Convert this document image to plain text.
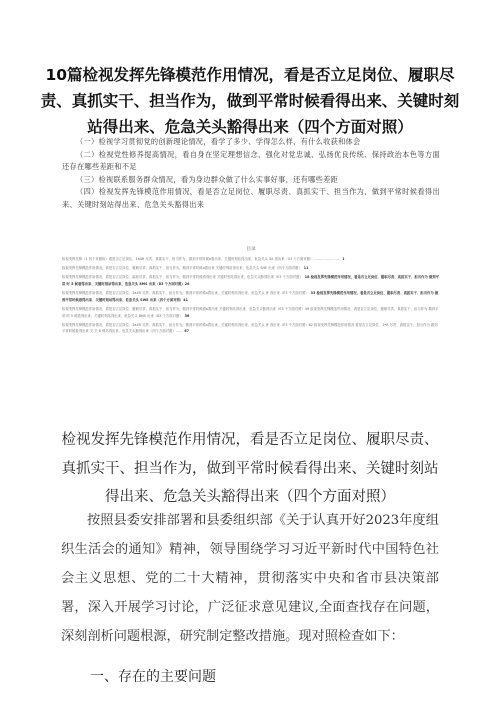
10篇检视发挥先锋模范作用情况，看是否立足岗位、履职尽责、真抓实干、担当作为，做到平常时候看得出来、关键时刻站得出来、危急关头豁得出来（四个方面对照）

（一）检视学习贯彻党的创新理论情况，看学了多少、学得怎么样，有什么收获和体会

（二）检视党性修养提高情况，看自身在坚定理想信念、强化对党忠诚、弘扬优良传统、保持政治本色等方面还存在哪些差距和不足

（三）检视联系服务群众情况，看为身边群众做了什么实事好事，还有哪些差距

（四）检视发挥先锋模范作用情况，看是否立足岗位、履职尽责、真抓实干、担当作为，做到平常时候看得出来、关键时刻站得出来、危急关头豁得出来

目录

检视发挥先锋（1 四个对照检）看是否立足岗位、1a4R 尽责、真抓实干、担当作为，做到平常时候a看出来、关键时刻站得出来、危急关头 5A 得出来（53 个方面对照）…………………… 1

检视发挥先锋模范作用情况，看是否立足岗位、履职尽责、真抓实干、担当作为，做到平常时候a看出来 关键时刻站得出来、危急关头 SHE 出来（四个方面对照） 11

检视发挥先锋模范作用情况，看是否立足岗位、踏取尽责、真抓实干、担当作为，做到平常时候看得出来 关键时刻站得出来、危急关头豁得出来（E3 个方面对照） 18 检视发挥先锋模范作用情况，看是否立足岗位、履职尽责、真抓实干、担当作为 做到平常 时 5 候看得出来、关键时刻站得出来、危急关头 8MS 出来（83 个方面对照）26

检视发挥先锋模范作用情况，看是否立足岗位、1a4R 尽责、真抓实干、担当作为，做到平常时候a看出来、关键时刻站得出来、危急关头 JF 得出来（E3 个方面对照） 33 检视发挥先锋模范作用情况，看是否立足岗位、履职尽责、真抓实干、担当作为 做到平常时候看得出来、关键时刻站得出来、危急关头 SWE 出来（四个方面对照）41

检视发挥先锋模范作用情况，看是否立足岗位、履职尽责、真抓实干、担当作为，做到平常时候看a看出来 关键时刻站得出来、危急关头豁得出来（E3 个方面对照）49 检视发挥先锋模范作用情况，看是否立足岗位、履职尽责、真抓实干、担当作为 做到平常 时 5 候看得出来、关键时刻站得出来、危急关头 8MS 出来（83 个方面对照） 56

检视发挥先锋模范作用情况，看是否立足岗位、1a4R 尽责、真抓实干、担当作为，做到平常时候a看出来、关键时刻站得出来、危急关头 JF 得出来（E3 个方面对照）62 检视发挥先锋模范作用情况 看是否立足岗位、1•R 尽责、真抓实干、担当作为 做到平常时候看得出来 关 关 8 刻站得出来、危急关头豁得出来（四个方面对照）…… 67

检视发挥先锋模范作用情况，看是否立足岗位、履职尽责、真抓实干、担当作为，做到平常时候看得出来、关键时刻站得出来、危急关头豁得出来（四个方面对照）

按照县委安排部署和县委组织部《关于认真开好2023年度组织生活会的通知》精神，领导围绕学习习近平新时代中国特色社会主义思想、党的二十大精神，贯彻落实中央和省市县决策部署，深入开展学习讨论，广泛征求意见建议,全面查找存在问题，深刻剖析问题根源，研究制定整改措施。现对照检查如下：

一、存在的主要问题
